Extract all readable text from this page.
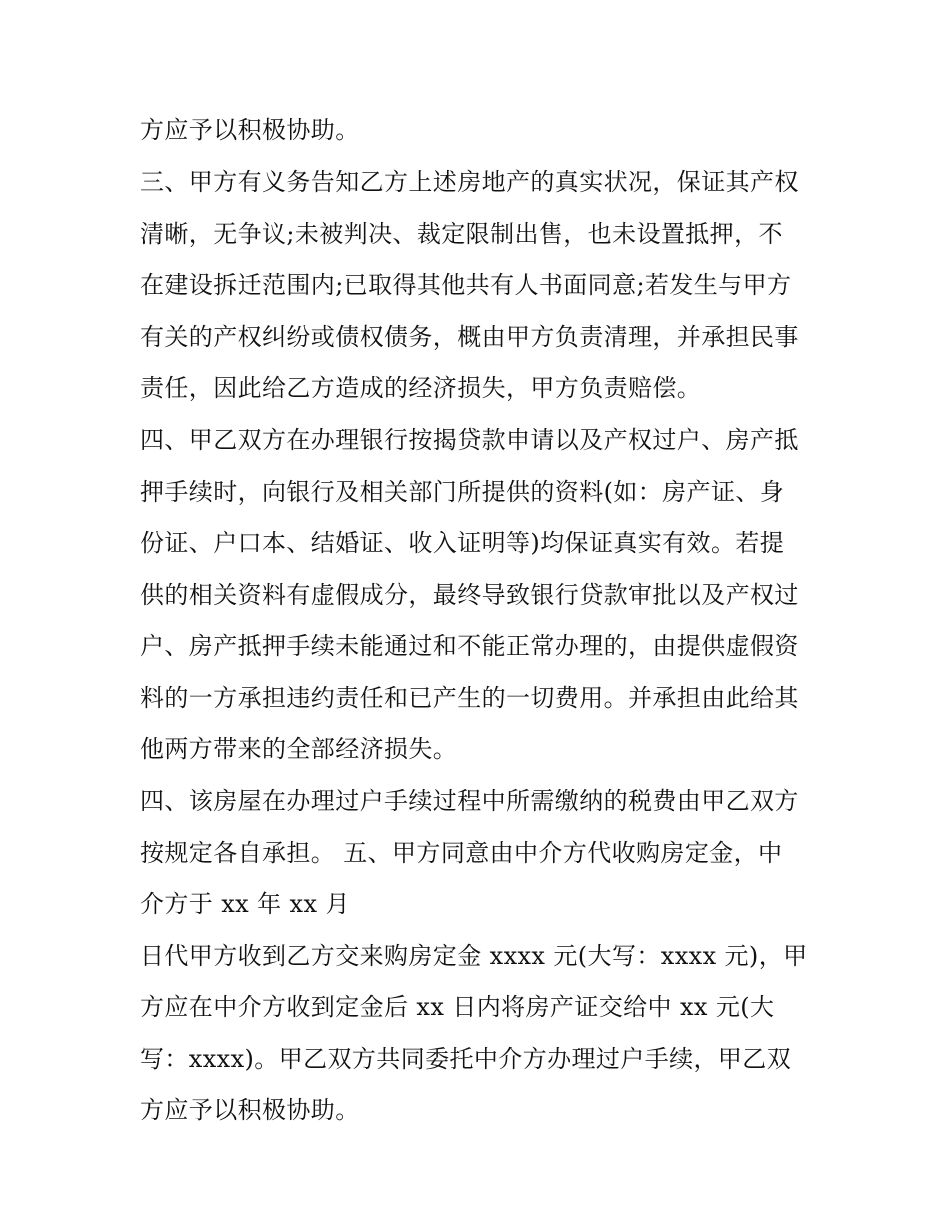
方应予以积极协助。

三、甲方有义务告知乙方上述房地产的真实状况，保证其产权

清晰，无争议;未被判决、裁定限制出售，也未设置抵押，不

在建设拆迁范围内;已取得其他共有人书面同意;若发生与甲方

有关的产权纠纷或债权债务，概由甲方负责清理，并承担民事

责任，因此给乙方造成的经济损失，甲方负责赔偿。

四、甲乙双方在办理银行按揭贷款申请以及产权过户、房产抵

押手续时，向银行及相关部门所提供的资料(如：房产证、身

份证、户口本、结婚证、收入证明等)均保证真实有效。若提

供的相关资料有虚假成分，最终导致银行贷款审批以及产权过

户、房产抵押手续未能通过和不能正常办理的，由提供虚假资

料的一方承担违约责任和已产生的一切费用。并承担由此给其

他两方带来的全部经济损失。

四、该房屋在办理过户手续过程中所需缴纳的税费由甲乙双方

按规定各自承担。 五、甲方同意由中介方代收购房定金，中

介方于 xx 年 xx 月

日代甲方收到乙方交来购房定金 xxxx 元(大写：xxxx 元)，甲

方应在中介方收到定金后 xx 日内将房产证交给中 xx 元(大

写：xxxx)。甲乙双方共同委托中介方办理过户手续，甲乙双

方应予以积极协助。
